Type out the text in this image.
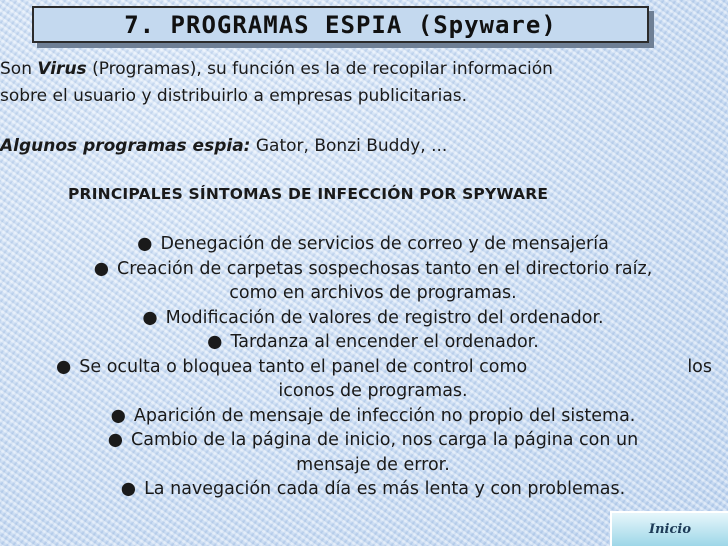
7. PROGRAMAS ESPIA (Spyware)
Son Virus (Programas), su función es la de recopilar información
sobre el usuario y distribuirlo a empresas publicitarias.
Algunos programas espia: Gator, Bonzi Buddy, ...
PRINCIPALES SÍNTOMAS DE INFECCIÓN POR SPYWARE
● Denegación de servicios de correo y de mensajería
● Creación de carpetas sospechosas tanto en el directorio raíz,
como en archivos de programas.
● Modificación de valores de registro del ordenador.
● Tardanza al encender el ordenador.
● Se oculta o bloquea tanto el panel de control como	los
iconos de programas.
● Aparición de mensaje de infección no propio del sistema.
● Cambio de la página de inicio, nos carga la página con un
mensaje de error.
● La navegación cada día es más lenta y con problemas.
Inicio
